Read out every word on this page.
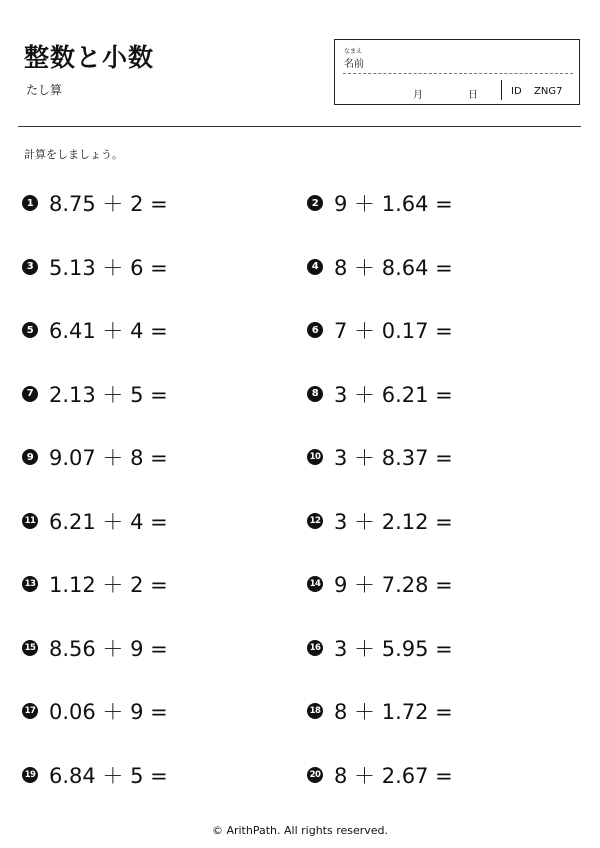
整数と小数
たし算
なまえ
名前
月	日	ID ZNG7
計算をしましょう。
1 8.75 ＋ 2 =	2 9 ＋ 1.64 =
3 5.13 ＋ 6 =	4 8 ＋ 8.64 =
5 6.41 ＋ 4 =	6 7 ＋ 0.17 =
7 2.13 ＋ 5 =	8 3 ＋ 6.21 =
9 9.07 ＋ 8 =	10 3 ＋ 8.37 =
11 6.21 ＋ 4 =	12 3 ＋ 2.12 =
13 1.12 ＋ 2 =	14 9 ＋ 7.28 =
15 8.56 ＋ 9 =	16 3 ＋ 5.95 =
17 0.06 ＋ 9 =	18 8 ＋ 1.72 =
19 6.84 ＋ 5 =	20 8 ＋ 2.67 =
© ArithPath. All rights reserved.
